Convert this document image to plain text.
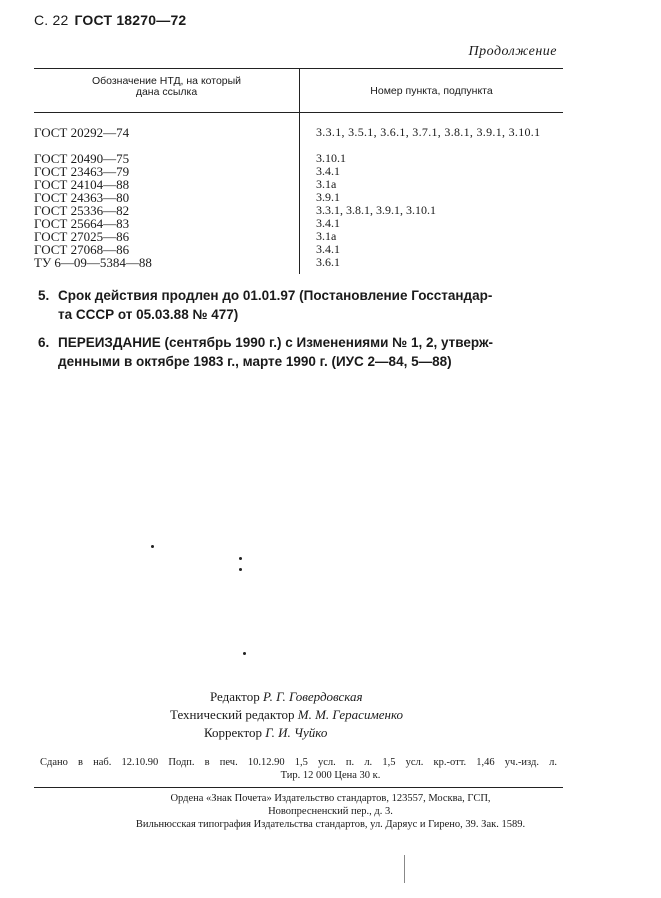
С. 22 ГОСТ 18270—72
Продолжение
Обозначение НТД, на который
дана ссылка	Номер пункта, подпункта
ГОСТ 20292—74	3.3.1, 3.5.1, 3.6.1, 3.7.1, 3.8.1, 3.9.1, 3.10.1
ГОСТ 20490—75	3.10.1
ГОСТ 23463—79	3.4.1
ГОСТ 24104—88	3.1а
ГОСТ 24363—80	3.9.1
ГОСТ 25336—82	3.3.1, 3.8.1, 3.9.1, 3.10.1
ГОСТ 25664—83	3.4.1
ГОСТ 27025—86	3.1а
ГОСТ 27068—86	3.4.1
ТУ 6—09—5384—88	3.6.1
5. Срок действия продлен до 01.01.97 (Постановление Госстандар-
та СССР от 05.03.88 № 477)
6. ПЕРЕИЗДАНИЕ (сентябрь 1990 г.) с Изменениями № 1, 2, утверж-
денными в октябре 1983 г., марте 1990 г. (ИУС 2—84, 5—88)
Редактор Р. Г. Говердовская
Технический редактор М. М. Герасименко
Корректор Г. И. Чуйко
Сдано в наб. 12.10.90 Подп. в печ. 10.12.90 1,5 усл. п. л. 1,5 усл. кр.-отт. 1,46 уч.-изд. л.
Тир. 12 000 Цена 30 к.
Ордена «Знак Почета» Издательство стандартов, 123557, Москва, ГСП,
Новопресненский пер., д. 3.
Вильнюсская типография Издательства стандартов, ул. Даряус и Гирено, 39. Зак. 1589.
